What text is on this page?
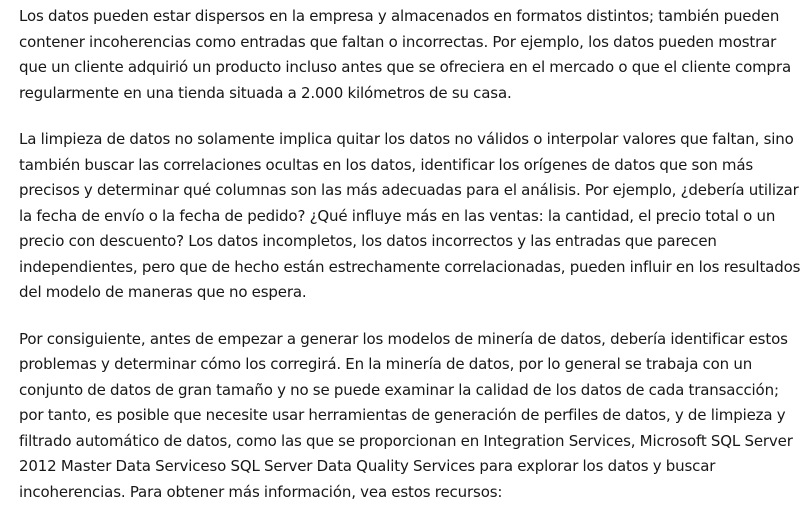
Los datos pueden estar dispersos en la empresa y almacenados en formatos distintos; también pueden
contener incoherencias como entradas que faltan o incorrectas. Por ejemplo, los datos pueden mostrar
que un cliente adquirió un producto incluso antes que se ofreciera en el mercado o que el cliente compra
regularmente en una tienda situada a 2.000 kilómetros de su casa.

La limpieza de datos no solamente implica quitar los datos no válidos o interpolar valores que faltan, sino
también buscar las correlaciones ocultas en los datos, identificar los orígenes de datos que son más
precisos y determinar qué columnas son las más adecuadas para el análisis. Por ejemplo, ¿debería utilizar
la fecha de envío o la fecha de pedido? ¿Qué influye más en las ventas: la cantidad, el precio total o un
precio con descuento? Los datos incompletos, los datos incorrectos y las entradas que parecen
independientes, pero que de hecho están estrechamente correlacionadas, pueden influir en los resultados
del modelo de maneras que no espera.

Por consiguiente, antes de empezar a generar los modelos de minería de datos, debería identificar estos
problemas y determinar cómo los corregirá. En la minería de datos, por lo general se trabaja con un
conjunto de datos de gran tamaño y no se puede examinar la calidad de los datos de cada transacción;
por tanto, es posible que necesite usar herramientas de generación de perfiles de datos, y de limpieza y
filtrado automático de datos, como las que se proporcionan en Integration Services, Microsoft SQL Server
2012 Master Data Serviceso SQL Server Data Quality Services para explorar los datos y buscar
incoherencias. Para obtener más información, vea estos recursos:
